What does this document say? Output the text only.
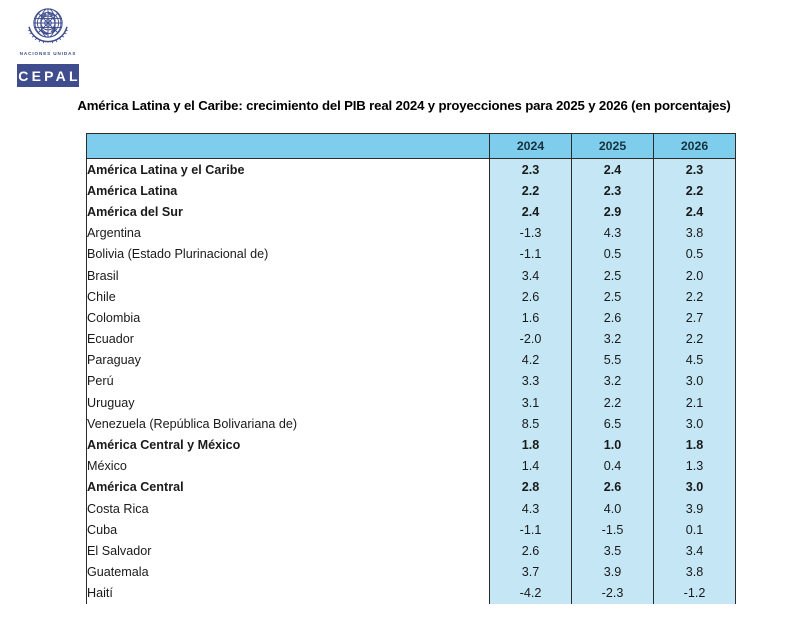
NACIONES UNIDAS
CEPAL
América Latina y el Caribe: crecimiento del PIB real 2024 y proyecciones para 2025 y 2026 (en porcentajes)
	2024	2025	2026
América Latina y el Caribe	2.3	2.4	2.3
América Latina	2.2	2.3	2.2
América del Sur	2.4	2.9	2.4
Argentina	-1.3	4.3	3.8
Bolivia (Estado Plurinacional de)	-1.1	0.5	0.5
Brasil	3.4	2.5	2.0
Chile	2.6	2.5	2.2
Colombia	1.6	2.6	2.7
Ecuador	-2.0	3.2	2.2
Paraguay	4.2	5.5	4.5
Perú	3.3	3.2	3.0
Uruguay	3.1	2.2	2.1
Venezuela (República Bolivariana de)	8.5	6.5	3.0
América Central y México	1.8	1.0	1.8
México	1.4	0.4	1.3
América Central	2.8	2.6	3.0
Costa Rica	4.3	4.0	3.9
Cuba	-1.1	-1.5	0.1
El Salvador	2.6	3.5	3.4
Guatemala	3.7	3.9	3.8
Haití	-4.2	-2.3	-1.2
